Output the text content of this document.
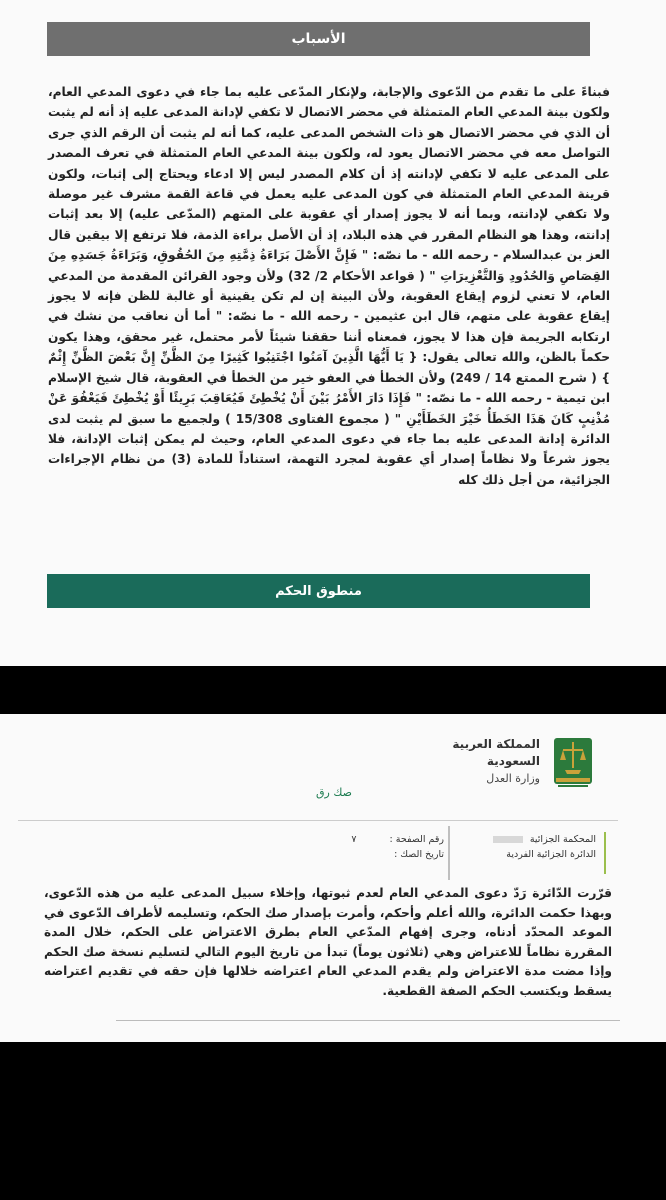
الأسباب

فبناءً على ما تقدم من الدّعوى والإجابة، ولإنكار المدّعى عليه بما جاء في دعوى المدعي العام، ولكون بينة المدعي العام المتمثلة في محضر الاتصال لا تكفي لإدانة المدعى عليه إذ أنه لم يثبت أن الذي في محضر الاتصال هو ذات الشخص المدعى عليه، كما أنه لم يثبت أن الرقم الذي جرى التواصل معه في محضر الاتصال يعود له، ولكون بينة المدعي العام المتمثلة في تعرف المصدر على المدعى عليه لا تكفي لإدانته إذ أن كلام المصدر ليس إلا ادعاء ويحتاج إلى إثبات، ولكون قرينة المدعي العام المتمثلة في كون المدعى عليه يعمل في قاعة القمة مشرف غير موصلة ولا تكفي لإدانته، وبما أنه لا يجوز إصدار أي عقوبة على المتهم (المدّعى عليه) إلا بعد إثبات إدانته، وهذا هو النظام المقرر في هذه البلاد، إذ أن الأصل براءة الذمة، فلا ترتفع إلا بيقين قال العز بن عبدالسلام - رحمه الله - ما نصّه: " فَإِنَّ الأَصْلَ بَرَاءَةُ ذِمَّتِهِ مِنَ الحُقُوقِ، وَبَرَاءَةُ جَسَدِهِ مِنَ القِصَاصِ وَالحُدُودِ وَالتَّعْزِيرَاتِ " ( قواعد الأحكام 2/ 32) ولأن وجود القرائن المقدمة من المدعي العام، لا تعني لزوم إيقاع العقوبة، ولأن البينة إن لم تكن يقينية أو غالبة للظن فإنه لا يجوز إيقاع عقوبة على متهم، قال ابن عثيمين - رحمه الله - ما نصّه: " أما أن نعاقب من نشك في ارتكابه الجريمة فإن هذا لا يجوز، فمعناه أننا حققنا شيئاً لأمر محتمل، غير محقق، وهذا يكون حكماً بالظن، والله تعالى يقول: { يَا أَيُّهَا الَّذِينَ آمَنُوا اجْتَنِبُوا كَثِيرًا مِنَ الظَّنِّ إِنَّ بَعْضَ الظَّنِّ إِثْمٌ } ( شرح الممتع 14 / 249) ولأن الخطأ في العفو خير من الخطأ في العقوبة، قال شيخ الإسلام ابن تيمية - رحمه الله - ما نصّه: " فَإِذَا دَارَ الأَمْرُ بَيْنَ أَنْ يُخْطِئَ فَيُعَاقِبَ بَرِيئًا أَوْ يُخْطِئَ فَيَعْفُوَ عَنْ مُذْنِبٍ كَانَ هَذَا الخَطَأُ خَيْرَ الخَطَأَيْنِ " ( مجموع الفتاوى 15/308 ) ولجميع ما سبق لم يثبت لدى الدائرة إدانة المدعى عليه بما جاء في دعوى المدعي العام، وحيث لم يمكن إثبات الإدانة، فلا يجوز شرعاً ولا نظاماً إصدار أي عقوبة لمجرد التهمة، استناداً للمادة (3) من نظام الإجراءات الجزائية، من أجل ذلك كله

منطوق الحكم
المملكة العربية السعودية
وزارة العدل
صك رق
المحكمة الجزائية
الدائرة الجزائية الفردية
رقم الصفحة : ٧
تاريخ الصك :
قرّرت الدّائرة رَدّ دعوى المدعي العام لعدم ثبوتها، وإخلاء سبيل المدعى عليه من هذه الدّعوى، وبهذا حكمت الدائرة، والله أعلم وأحكم، وأمرت بإصدار صك الحكم، وتسليمه لأطراف الدّعوى في الموعد المحدّد أدناه، وجرى إفهام المدّعي العام بطرق الاعتراض على الحكم، خلال المدة المقررة نظاماً للاعتراض وهي (ثلاثون يوماً) تبدأ من تاريخ اليوم التالي لتسليم نسخة صك الحكم وإذا مضت مدة الاعتراض ولم يقدم المدعي العام اعتراضه خلالها فإن حقه في تقديم اعتراضه يسقط ويكتسب الحكم الصفة القطعية.
